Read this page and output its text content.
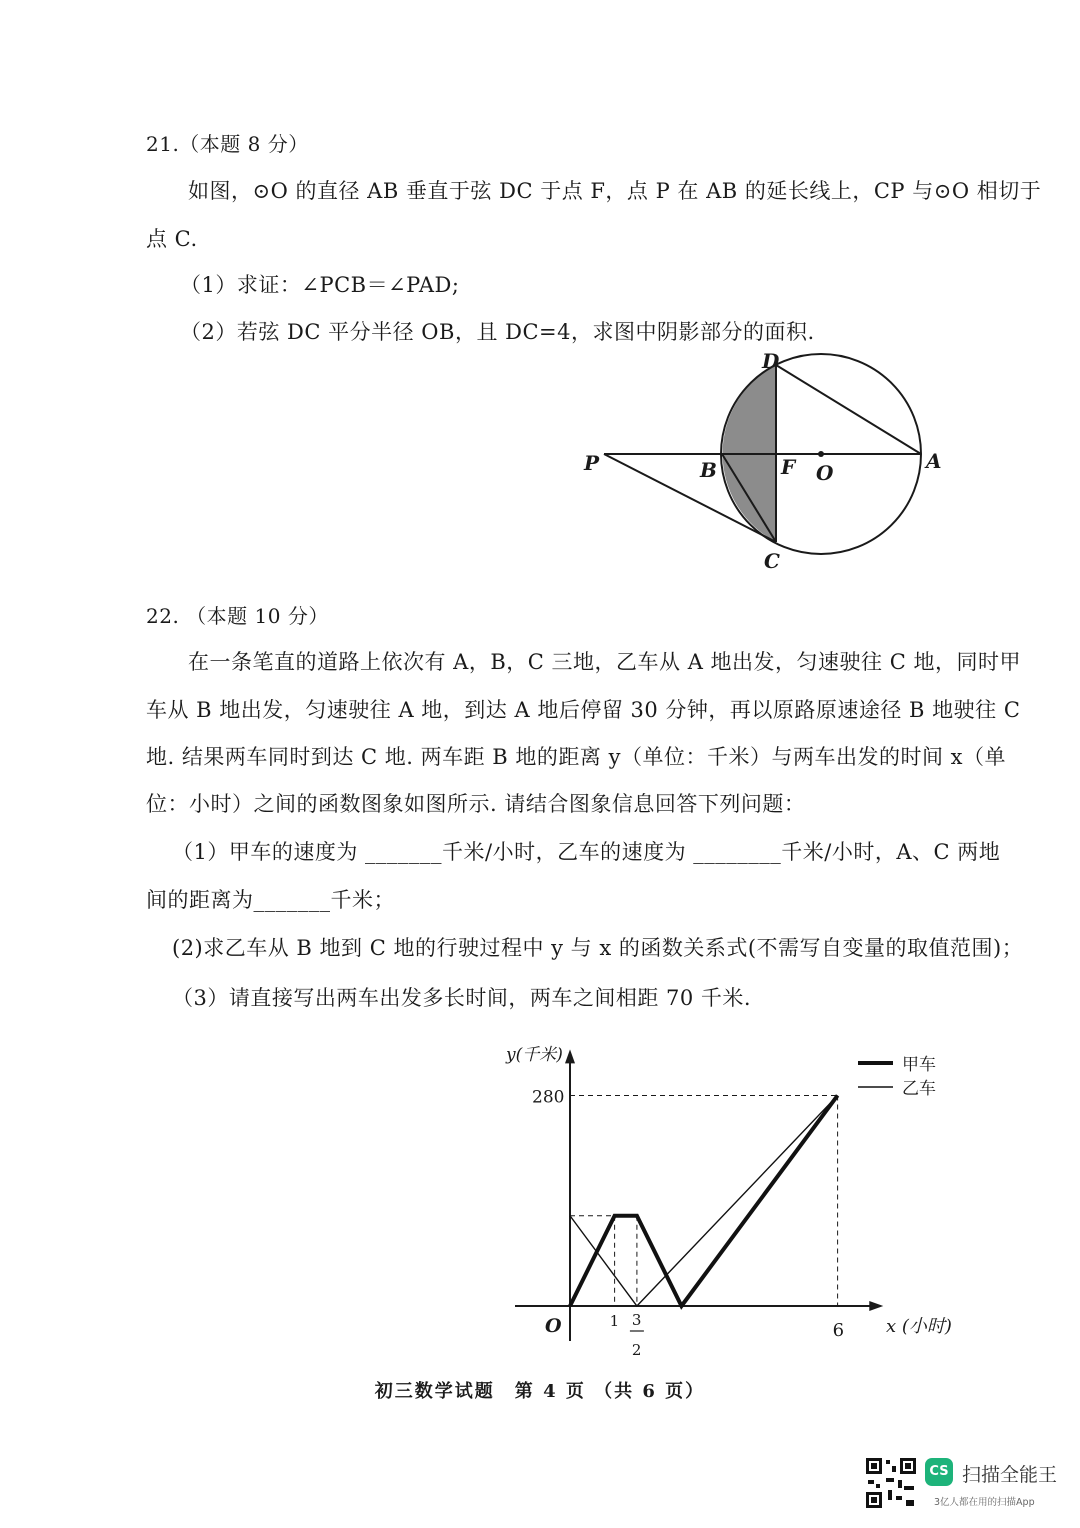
21.（本题 8 分）
如图，⊙O 的直径 AB 垂直于弦 DC 于点 F，点 P 在 AB 的延长线上，CP 与⊙O 相切于
点 C.
（1）求证：∠PCB＝∠PAD;
（2）若弦 DC 平分半径 OB，且 DC=4，求图中阴影部分的面积.
P	B	F O	A
D
C
22. （本题 10 分）
在一条笔直的道路上依次有 A，B，C 三地，乙车从 A 地出发，匀速驶往 C 地，同时甲
车从 B 地出发，匀速驶往 A 地，到达 A 地后停留 30 分钟，再以原路原速途径 B 地驶往 C
地. 结果两车同时到达 C 地. 两车距 B 地的距离 y（单位：千米）与两车出发的时间 x（单
位：小时）之间的函数图象如图所示. 请结合图象信息回答下列问题：
（1）甲车的速度为 _______千米/小时，乙车的速度为 ________千米/小时，A、C 两地
间的距离为_______千米；
(2)求乙车从 B 地到 C 地的行驶过程中 y 与 x 的函数关系式(不需写自变量的取值范围)；
（3）请直接写出两车出发多长时间，两车之间相距 70 千米.
甲车
乙车
y(千米)
x (小时)
O
280
1 3
2
6
初三数学试题　第 4 页 （共 6 页）
CS 扫描全能王
3亿人都在用的扫描App
